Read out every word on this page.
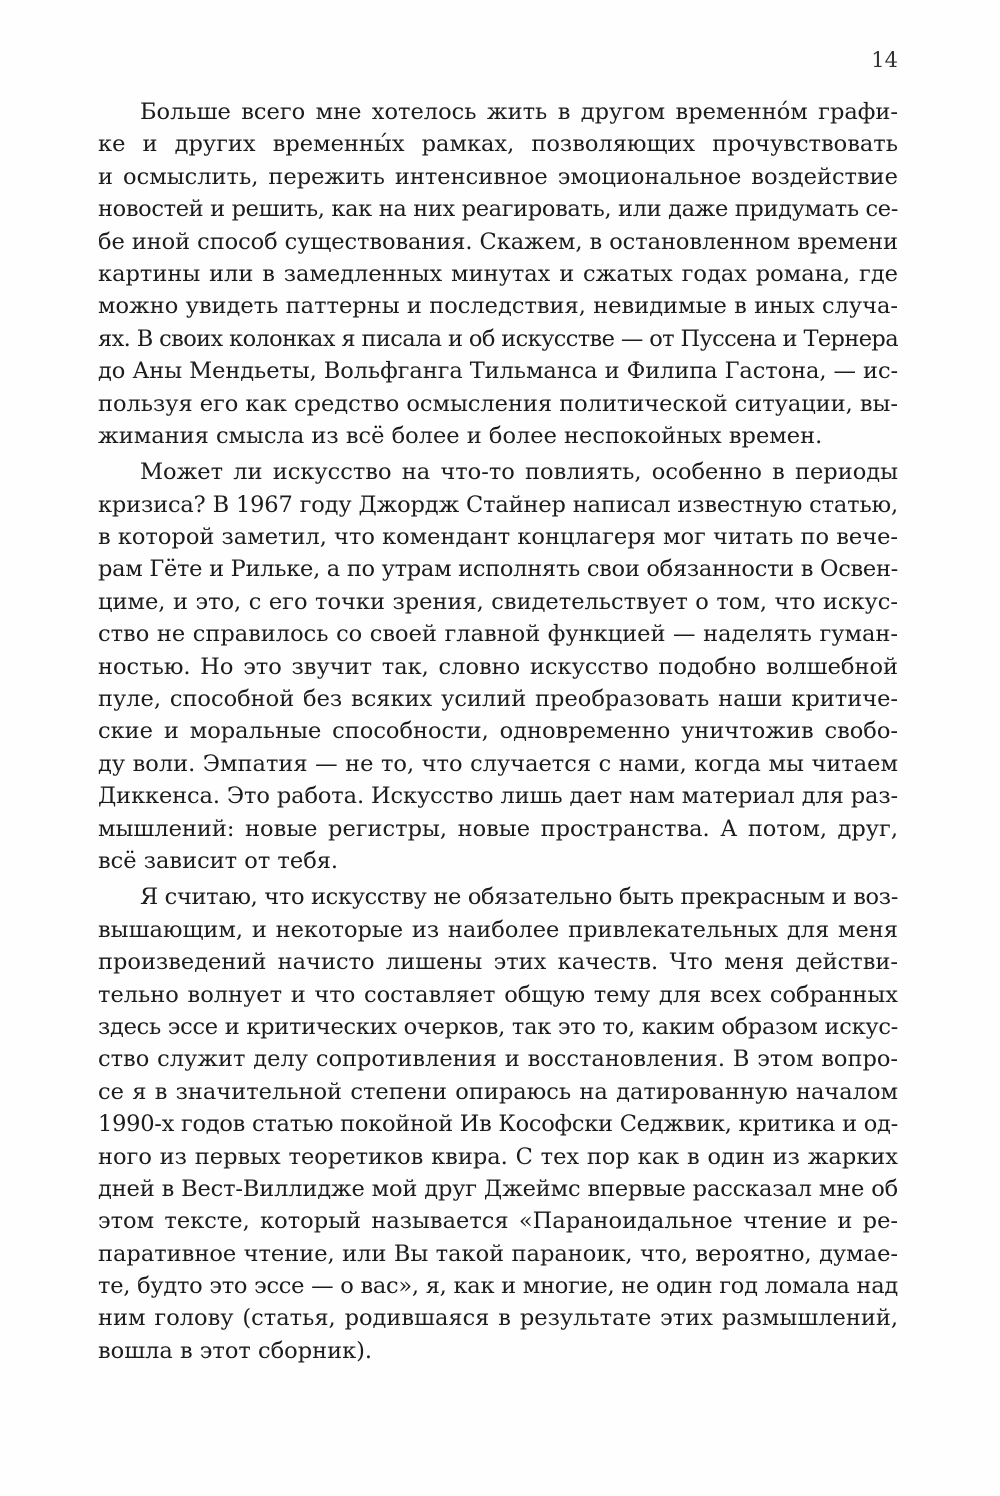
14
Больше всего мне хотелось жить в другом временно́м графи-
ке и других временны́х рамках, позволяющих прочувствовать
и осмыслить, пережить интенсивное эмоциональное воздействие
новостей и решить, как на них реагировать, или даже придумать се-
бе иной способ существования. Скажем, в остановленном времени
картины или в замедленных минутах и сжатых годах романа, где
можно увидеть паттерны и последствия, невидимые в иных случа-
ях. В своих колонках я писала и об искусстве — от Пуссена и Тернера
до Аны Мендьеты, Вольфганга Тильманса и Филипа Гастона, — ис-
пользуя его как средство осмысления политической ситуации, вы-
жимания смысла из всё более и более неспокойных времен.
Может ли искусство на что-то повлиять, особенно в периоды
кризиса? В 1967 году Джордж Стайнер написал известную статью,
в которой заметил, что комендант концлагеря мог читать по вече-
рам Гёте и Рильке, а по утрам исполнять свои обязанности в Освен-
циме, и это, с его точки зрения, свидетельствует о том, что искус-
ство не справилось со своей главной функцией — наделять гуман-
ностью. Но это звучит так, словно искусство подобно волшебной
пуле, способной без всяких усилий преобразовать наши критиче-
ские и моральные способности, одновременно уничтожив свобо-
ду воли. Эмпатия — не то, что случается с нами, когда мы читаем
Диккенса. Это работа. Искусство лишь дает нам материал для раз-
мышлений: новые регистры, новые пространства. А потом, друг,
всё зависит от тебя.
Я считаю, что искусству не обязательно быть прекрасным и воз-
вышающим, и некоторые из наиболее привлекательных для меня
произведений начисто лишены этих качеств. Что меня действи-
тельно волнует и что составляет общую тему для всех собранных
здесь эссе и критических очерков, так это то, каким образом искус-
ство служит делу сопротивления и восстановления. В этом вопро-
се я в значительной степени опираюсь на датированную началом
1990-х годов статью покойной Ив Кософски Седжвик, критика и од-
ного из первых теоретиков квира. С тех пор как в один из жарких
дней в Вест-Виллидже мой друг Джеймс впервые рассказал мне об
этом тексте, который называется «Параноидальное чтение и ре-
паративное чтение, или Вы такой параноик, что, вероятно, думае-
те, будто это эссе — о вас», я, как и многие, не один год ломала над
ним голову (статья, родившаяся в результате этих размышлений,
вошла в этот сборник).
